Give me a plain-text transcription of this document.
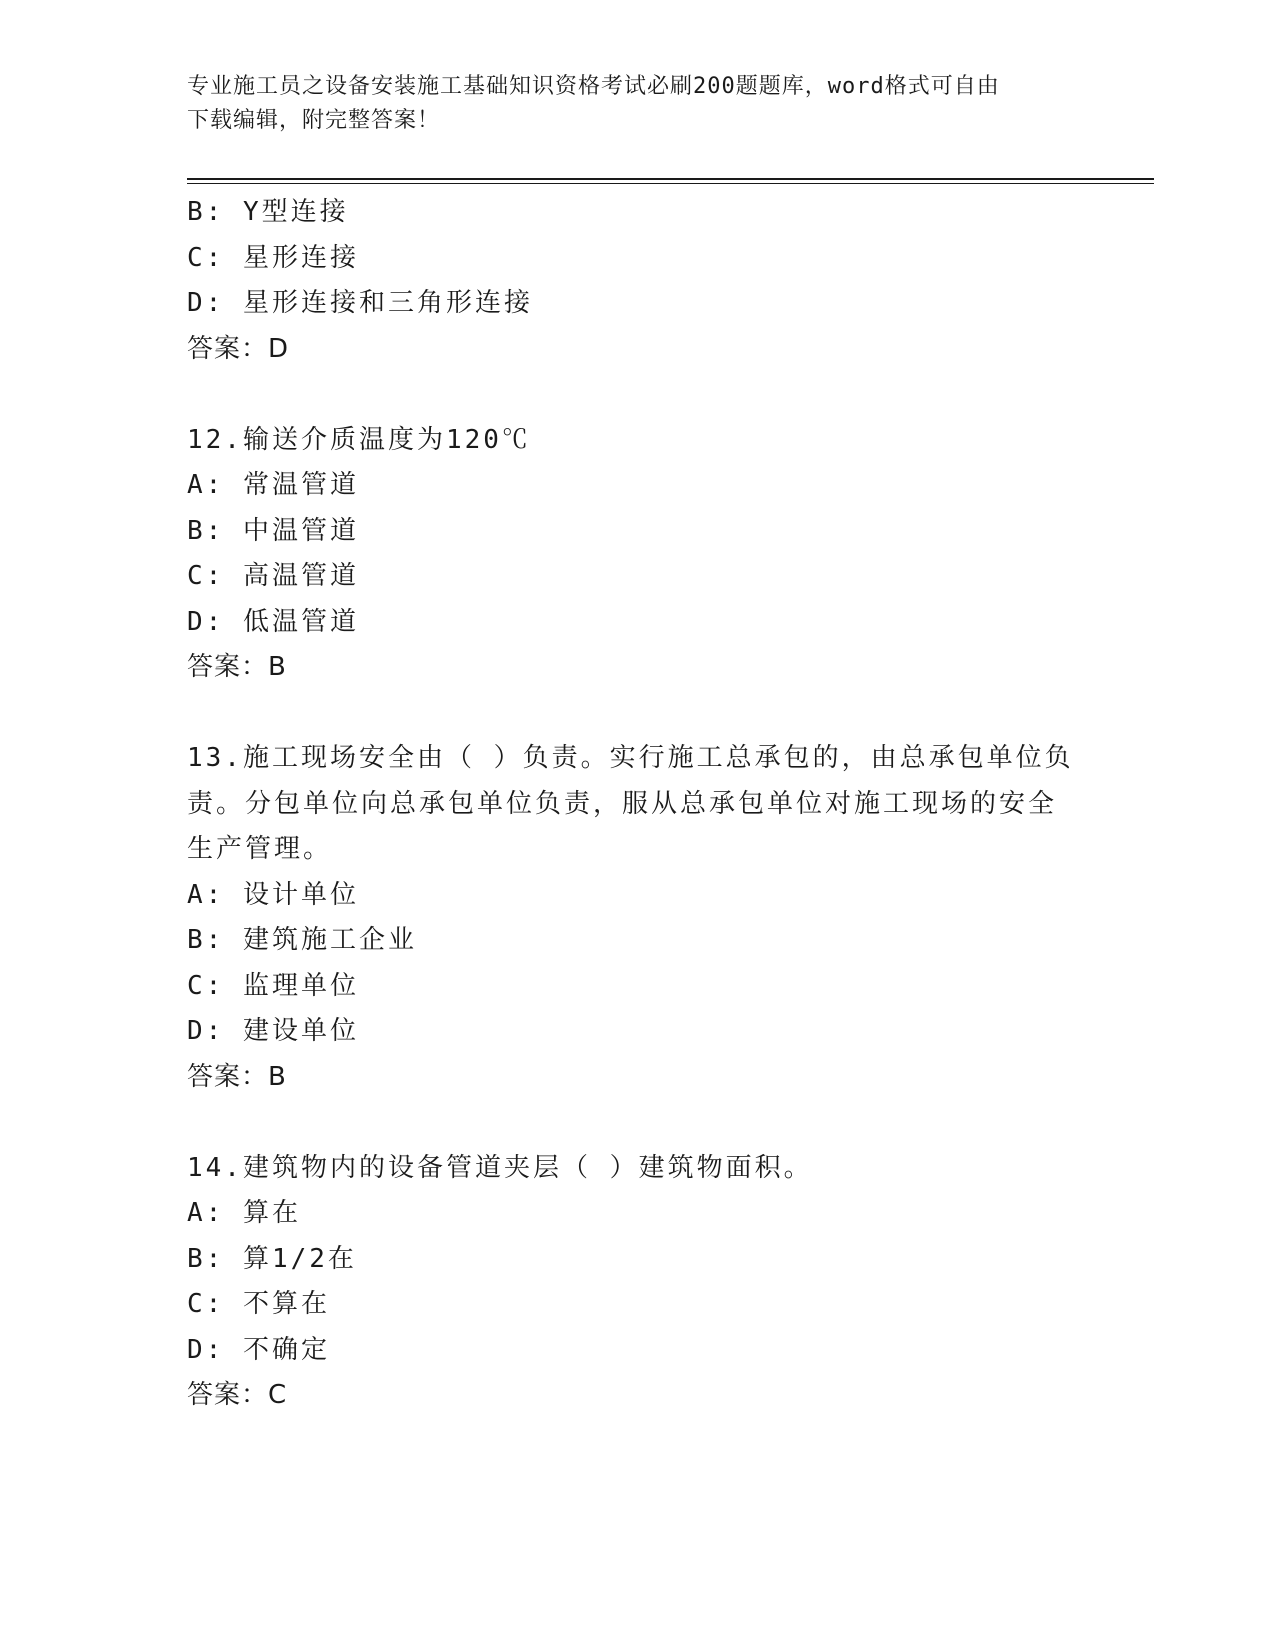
专业施工员之设备安装施工基础知识资格考试必刷200题题库，word格式可自由
下载编辑，附完整答案！
B: Y型连接
C: 星形连接
D: 星形连接和三角形连接
答案：D
12.输送介质温度为120℃
A: 常温管道
B: 中温管道
C: 高温管道
D: 低温管道
答案：B
13.施工现场安全由（ ）负责。实行施工总承包的，由总承包单位负
责。分包单位向总承包单位负责，服从总承包单位对施工现场的安全
生产管理。
A: 设计单位
B: 建筑施工企业
C: 监理单位
D: 建设单位
答案：B
14.建筑物内的设备管道夹层（ ）建筑物面积。
A: 算在
B: 算1/2在
C: 不算在
D: 不确定
答案：C
